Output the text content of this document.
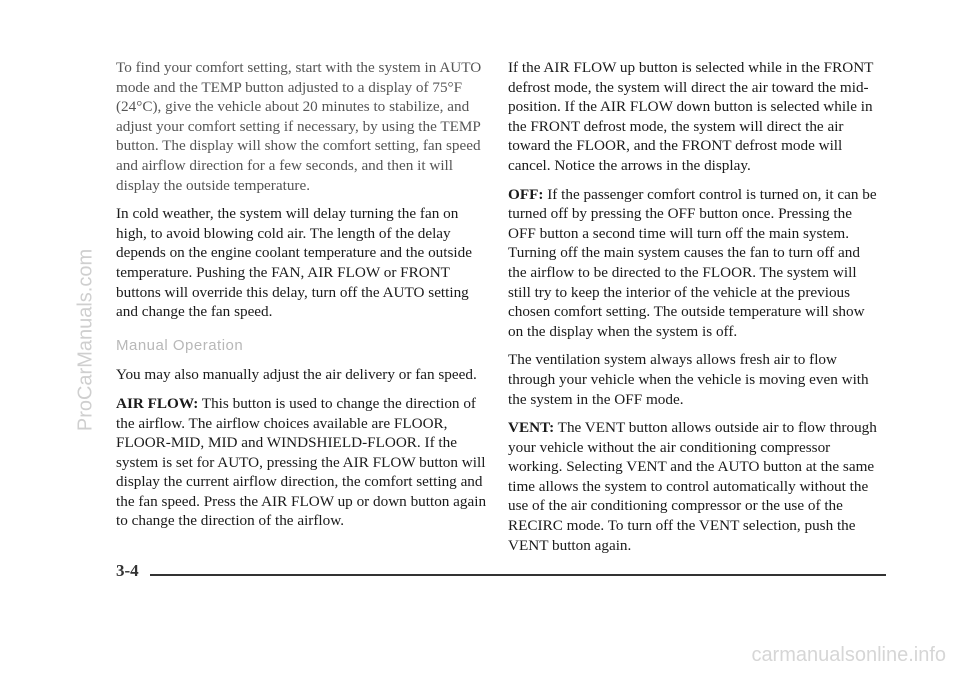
ProCarManuals.com

To find your comfort setting, start with the system in AUTO mode and the TEMP button adjusted to a display of 75°F (24°C), give the vehicle about 20 minutes to stabilize, and adjust your comfort setting if necessary, by using the TEMP button. The display will show the comfort setting, fan speed and airflow direction for a few seconds, and then it will display the outside temperature.

In cold weather, the system will delay turning the fan on high, to avoid blowing cold air. The length of the delay depends on the engine coolant temperature and the outside temperature. Pushing the FAN, AIR FLOW or FRONT buttons will override this delay, turn off the AUTO setting and change the fan speed.

Manual Operation

You may also manually adjust the air delivery or fan speed.

AIR FLOW: This button is used to change the direction of the airflow. The airflow choices available are FLOOR, FLOOR-MID, MID and WINDSHIELD-FLOOR. If the system is set for AUTO, pressing the AIR FLOW button will display the current airflow direction, the comfort setting and the fan speed. Press the AIR FLOW up or down button again to change the direction of the airflow.

If the AIR FLOW up button is selected while in the FRONT defrost mode, the system will direct the air toward the mid-position. If the AIR FLOW down button is selected while in the FRONT defrost mode, the system will direct the air toward the FLOOR, and the FRONT defrost mode will cancel. Notice the arrows in the display.

OFF: If the passenger comfort control is turned on, it can be turned off by pressing the OFF button once. Pressing the OFF button a second time will turn off the main system. Turning off the main system causes the fan to turn off and the airflow to be directed to the FLOOR. The system will still try to keep the interior of the vehicle at the previous chosen comfort setting. The outside temperature will show on the display when the system is off.

The ventilation system always allows fresh air to flow through your vehicle when the vehicle is moving even with the system in the OFF mode.

VENT: The VENT button allows outside air to flow through your vehicle without the air conditioning compressor working. Selecting VENT and the AUTO button at the same time allows the system to control automatically without the use of the air conditioning compressor or the use of the RECIRC mode. To turn off the VENT selection, push the VENT button again.

3-4
carmanualsonline.info
